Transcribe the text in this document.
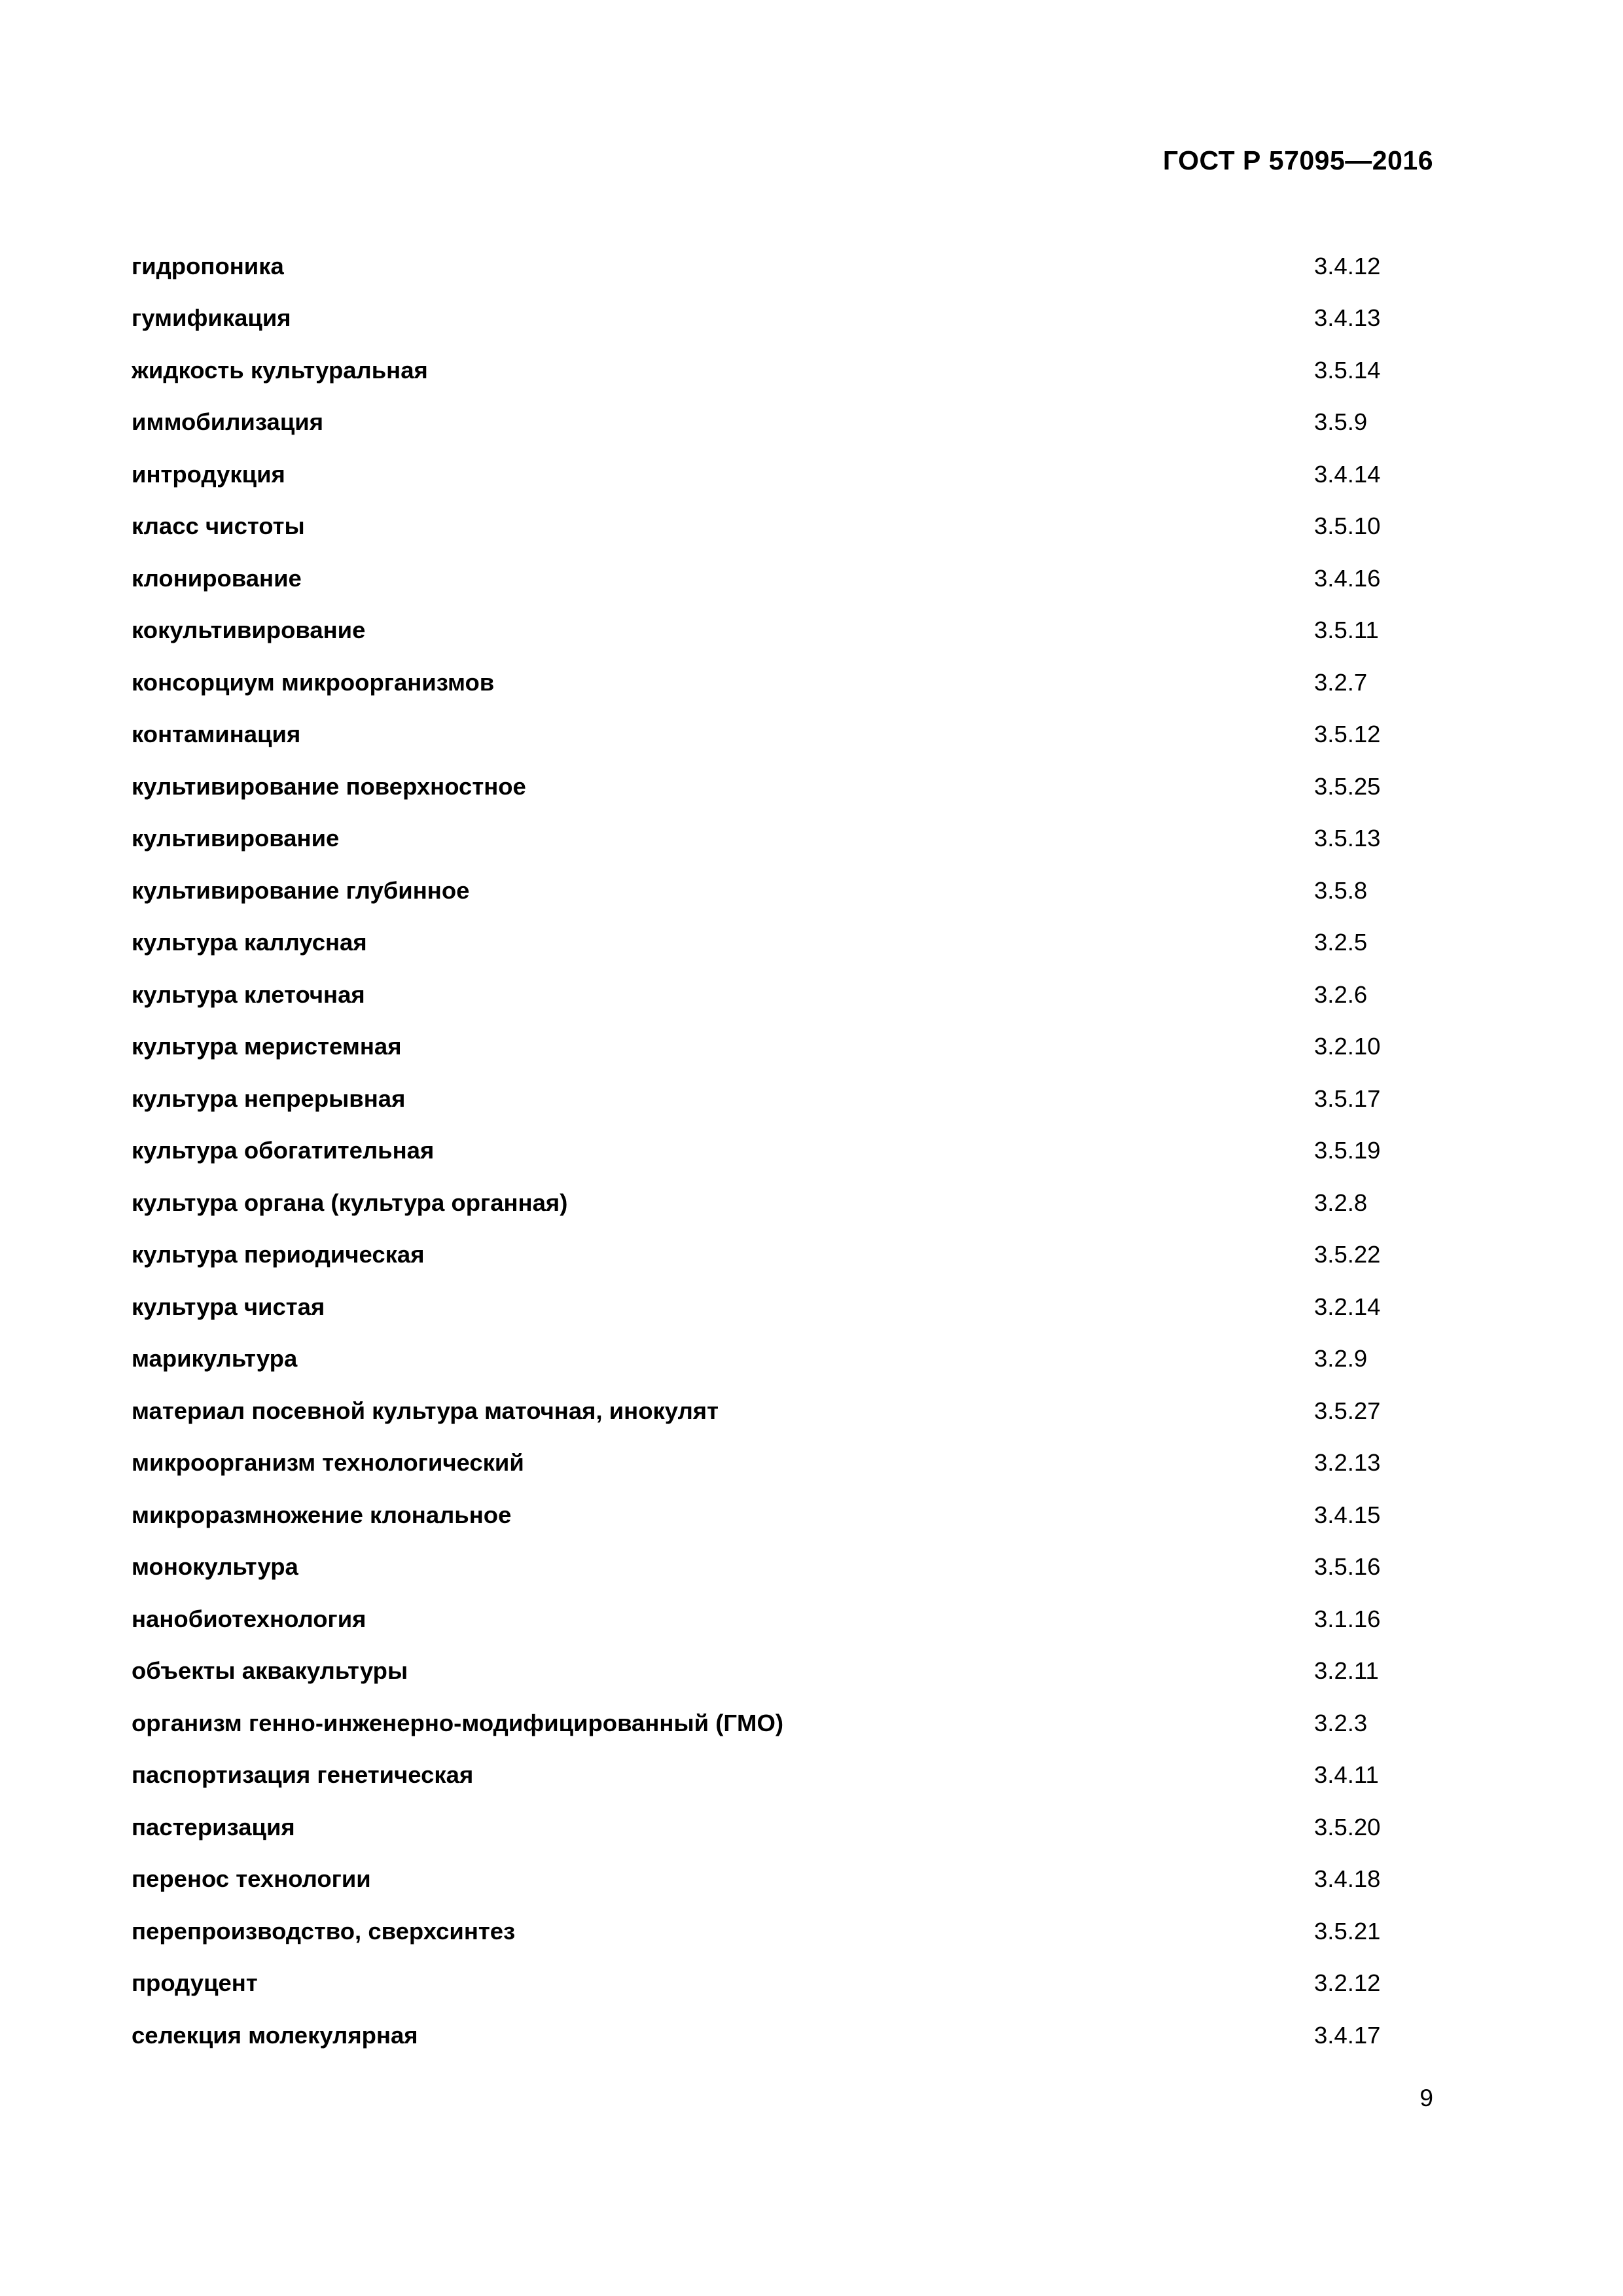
ГОСТ Р 57095—2016
гидропоника	3.4.12
гумификация	3.4.13
жидкость культуральная	3.5.14
иммобилизация	3.5.9
интродукция	3.4.14
класс чистоты	3.5.10
клонирование	3.4.16
кокультивирование	3.5.11
консорциум микроорганизмов	3.2.7
контаминация	3.5.12
культивирование поверхностное	3.5.25
культивирование	3.5.13
культивирование глубинное	3.5.8
культура каллусная	3.2.5
культура клеточная	3.2.6
культура меристемная	3.2.10
культура непрерывная	3.5.17
культура обогатительная	3.5.19
культура органа (культура органная)	3.2.8
культура периодическая	3.5.22
культура чистая	3.2.14
марикультура	3.2.9
материал посевной культура маточная, инокулят	3.5.27
микроорганизм технологический	3.2.13
микроразмножение клональное	3.4.15
монокультура	3.5.16
нанобиотехнология	3.1.16
объекты аквакультуры	3.2.11
организм генно-инженерно-модифицированный (ГМО)	3.2.3
паспортизация генетическая	3.4.11
пастеризация	3.5.20
перенос технологии	3.4.18
перепроизводство, сверхсинтез	3.5.21
продуцент	3.2.12
селекция молекулярная	3.4.17
9
